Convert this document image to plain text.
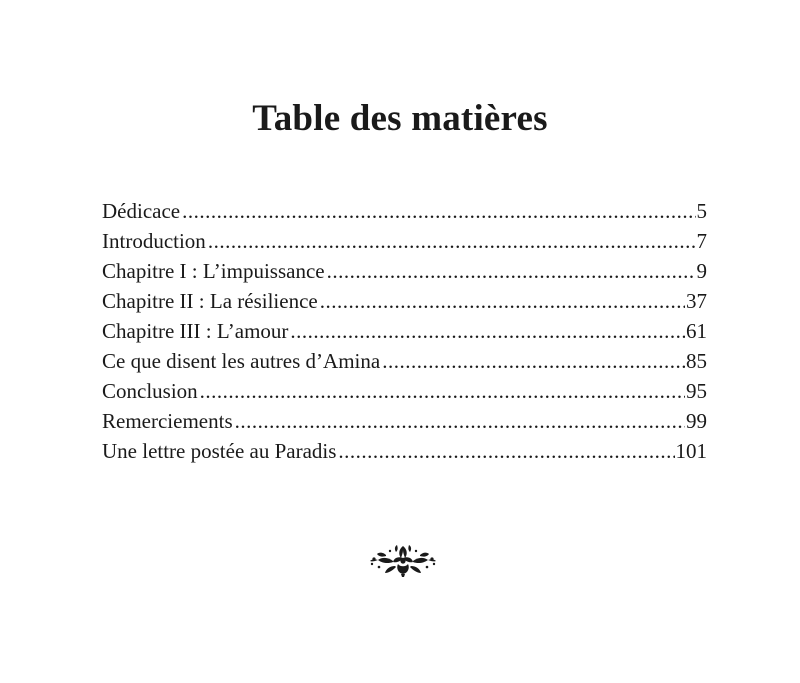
Table des matières
Dédicace .....	5
Introduction .....	7
Chapitre I : L’impuissance .....	9
Chapitre II : La résilience .....	37
Chapitre III : L’amour .....	61
Ce que disent les autres d’Amina .....	85
Conclusion .....	95
Remerciements .....	99
Une lettre postée au Paradis .....	101
